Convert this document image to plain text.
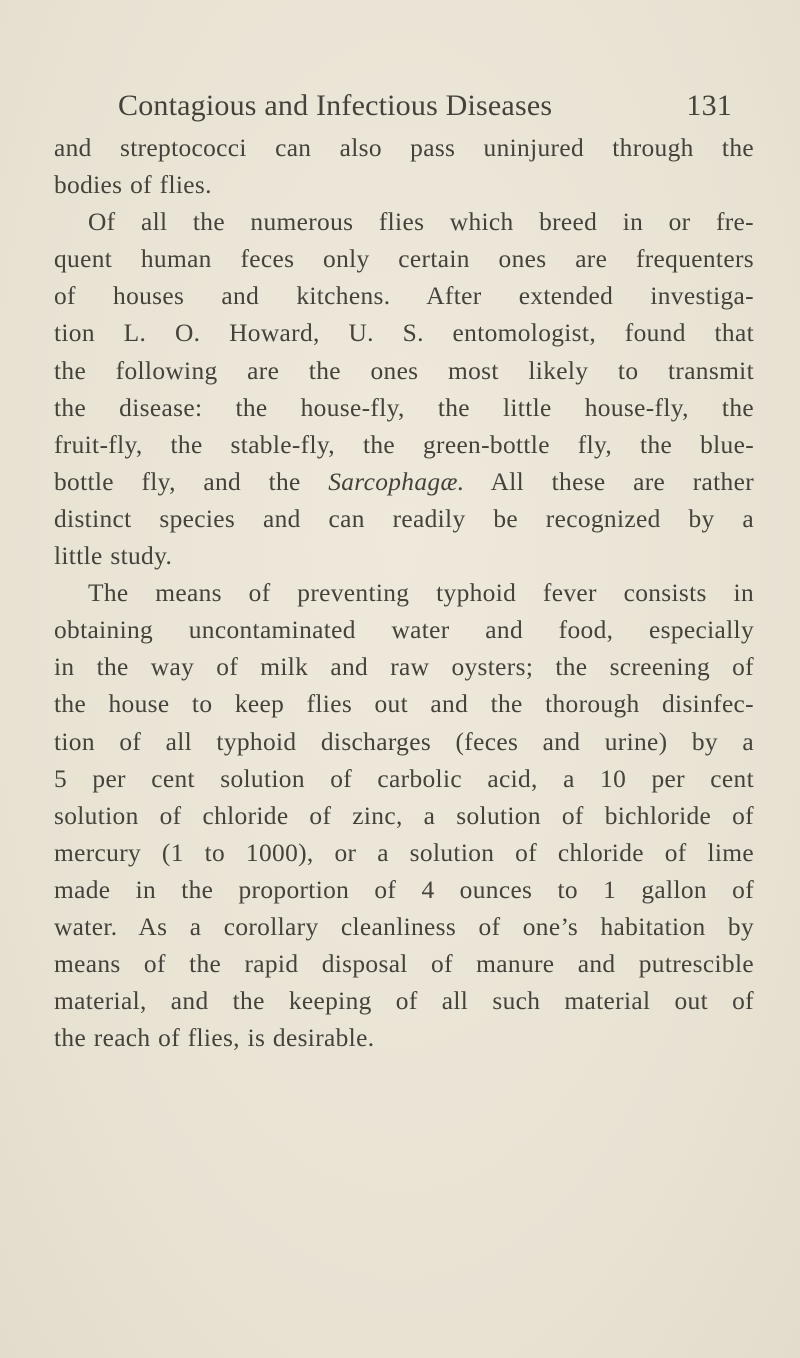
Contagious and Infectious Diseases	131
and streptococci can also pass uninjured through the
bodies of flies.
Of all the numerous flies which breed in or fre-
quent human feces only certain ones are frequenters
of houses and kitchens. After extended investiga-
tion L. O. Howard, U. S. entomologist, found that
the following are the ones most likely to transmit
the disease: the house-fly, the little house-fly, the
fruit-fly, the stable-fly, the green-bottle fly, the blue-
bottle fly, and the Sarcophagæ. All these are rather
distinct species and can readily be recognized by a
little study.
The means of preventing typhoid fever consists in
obtaining uncontaminated water and food, especially
in the way of milk and raw oysters; the screening of
the house to keep flies out and the thorough disinfec-
tion of all typhoid discharges (feces and urine) by a
5 per cent solution of carbolic acid, a 10 per cent
solution of chloride of zinc, a solution of bichloride of
mercury (1 to 1000), or a solution of chloride of lime
made in the proportion of 4 ounces to 1 gallon of
water. As a corollary cleanliness of one’s habitation by
means of the rapid disposal of manure and putrescible
material, and the keeping of all such material out of
the reach of flies, is desirable.
